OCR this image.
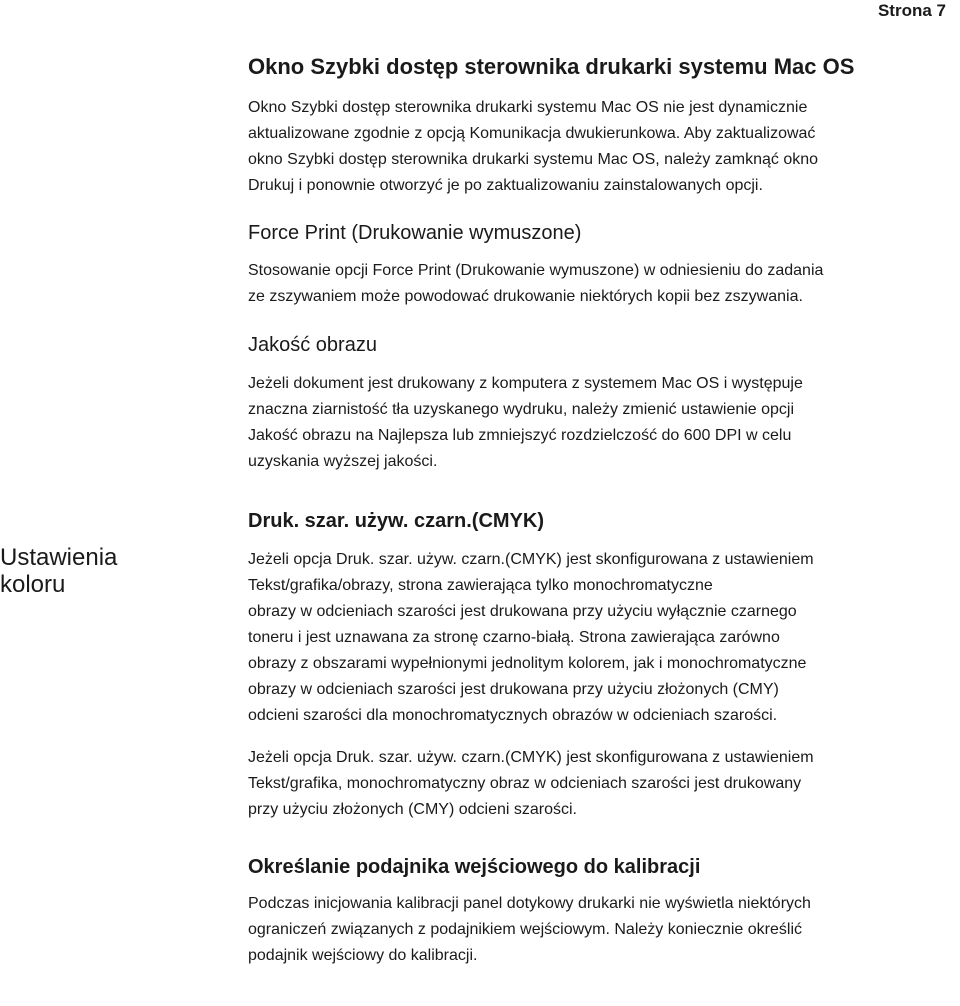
Strona 7
Ustawienia
koloru
Okno Szybki dostęp sterownika drukarki systemu Mac OS

Okno Szybki dostęp sterownika drukarki systemu Mac OS nie jest dynamicznie
aktualizowane zgodnie z opcją Komunikacja dwukierunkowa. Aby zaktualizować
okno Szybki dostęp sterownika drukarki systemu Mac OS, należy zamknąć okno
Drukuj i ponownie otworzyć je po zaktualizowaniu zainstalowanych opcji.

Force Print (Drukowanie wymuszone)

Stosowanie opcji Force Print (Drukowanie wymuszone) w odniesieniu do zadania
ze zszywaniem może powodować drukowanie niektórych kopii bez zszywania.

Jakość obrazu

Jeżeli dokument jest drukowany z komputera z systemem Mac OS i występuje
znaczna ziarnistość tła uzyskanego wydruku, należy zmienić ustawienie opcji
Jakość obrazu na Najlepsza lub zmniejszyć rozdzielczość do 600 DPI w celu
uzyskania wyższej jakości.

Druk. szar. używ. czarn.(CMYK)

Jeżeli opcja Druk. szar. używ. czarn.(CMYK) jest skonfigurowana z ustawieniem
Tekst/grafika/obrazy, strona zawierająca tylko monochromatyczne
obrazy w odcieniach szarości jest drukowana przy użyciu wyłącznie czarnego
toneru i jest uznawana za stronę czarno-białą. Strona zawierająca zarówno
obrazy z obszarami wypełnionymi jednolitym kolorem, jak i monochromatyczne
obrazy w odcieniach szarości jest drukowana przy użyciu złożonych (CMY)
odcieni szarości dla monochromatycznych obrazów w odcieniach szarości.

Jeżeli opcja Druk. szar. używ. czarn.(CMYK) jest skonfigurowana z ustawieniem
Tekst/grafika, monochromatyczny obraz w odcieniach szarości jest drukowany
przy użyciu złożonych (CMY) odcieni szarości.

Określanie podajnika wejściowego do kalibracji

Podczas inicjowania kalibracji panel dotykowy drukarki nie wyświetla niektórych
ograniczeń związanych z podajnikiem wejściowym. Należy koniecznie określić
podajnik wejściowy do kalibracji.
